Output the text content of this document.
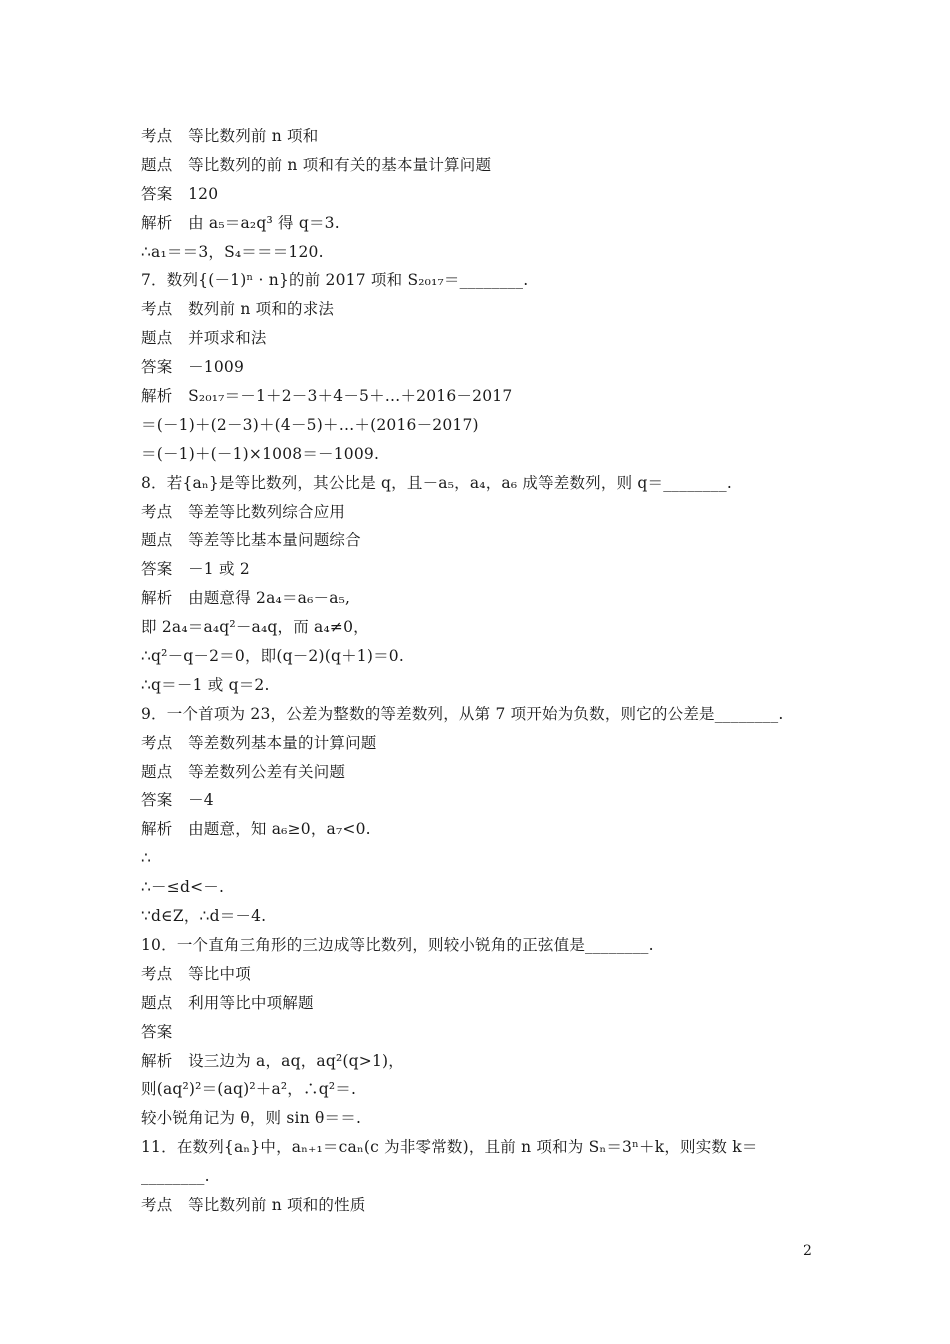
考点　等比数列前 n 项和
题点　等比数列的前 n 项和有关的基本量计算问题
答案　120
解析　由 a₅＝a₂q³ 得 q＝3.
∴a₁＝＝3，S₄＝＝＝120.
7．数列{(－1)ⁿ · n}的前 2017 项和 S₂₀₁₇＝________.
考点　数列前 n 项和的求法
题点　并项求和法
答案　－1009
解析　S₂₀₁₇＝－1＋2－3＋4－5＋…＋2016－2017
＝(－1)＋(2－3)＋(4－5)＋…＋(2016－2017)
＝(－1)＋(－1)×1008＝－1009.
8．若{aₙ}是等比数列，其公比是 q，且－a₅，a₄，a₆ 成等差数列，则 q＝________.
考点　等差等比数列综合应用
题点　等差等比基本量问题综合
答案　－1 或 2
解析　由题意得 2a₄＝a₆－a₅,
即 2a₄＝a₄q²－a₄q，而 a₄≠0，
∴q²－q－2＝0，即(q－2)(q＋1)＝0.
∴q＝－1 或 q＝2.
9．一个首项为 23，公差为整数的等差数列，从第 7 项开始为负数，则它的公差是________.
考点　等差数列基本量的计算问题
题点　等差数列公差有关问题
答案　－4
解析　由题意，知 a₆≥0，a₇<0.
∴
∴－≤d<－.
∵d∈Z，∴d＝－4.
10．一个直角三角形的三边成等比数列，则较小锐角的正弦值是________.
考点　等比中项
题点　利用等比中项解题
答案
解析　设三边为 a，aq，aq²(q>1)，
则(aq²)²＝(aq)²＋a²，∴q²＝.
较小锐角记为 θ，则 sin θ＝＝.
11．在数列{aₙ}中，aₙ₊₁＝caₙ(c 为非零常数)，且前 n 项和为 Sₙ＝3ⁿ＋k，则实数 k＝
________.
考点　等比数列前 n 项和的性质
2
